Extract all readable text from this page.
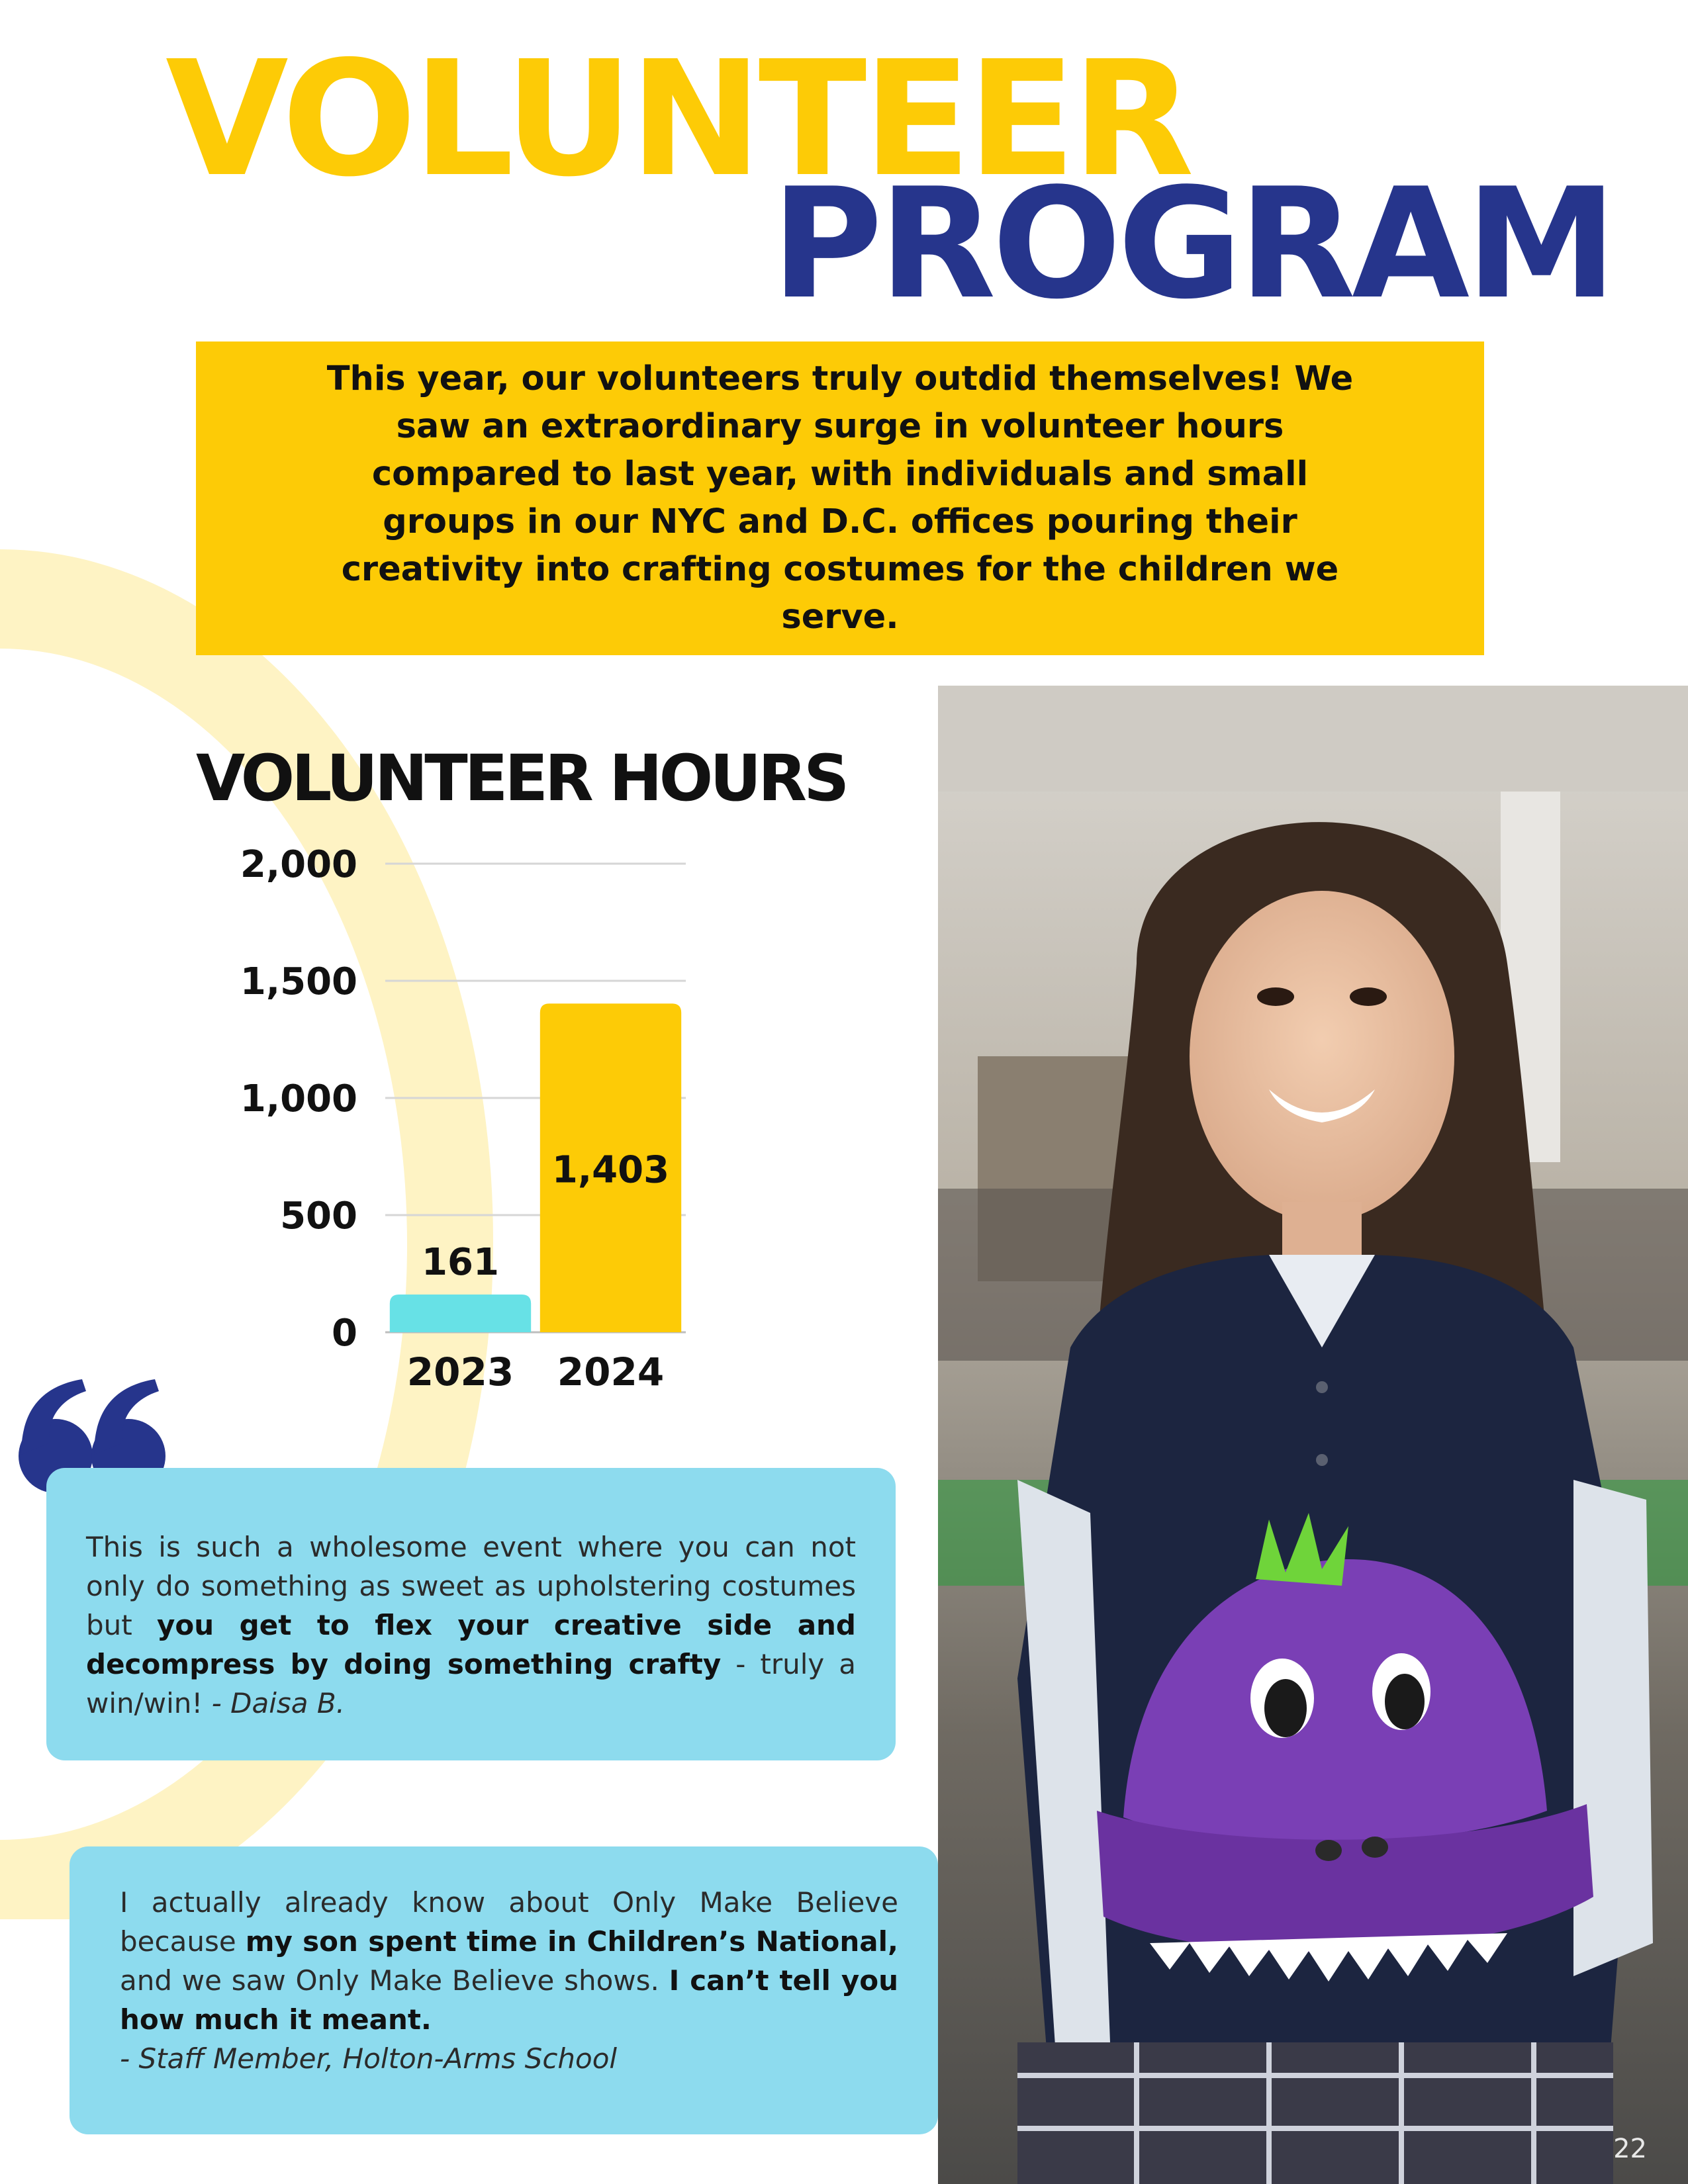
VOLUNTEER
PROGRAM

This year, our volunteers truly outdid themselves! We saw an extraordinary surge in volunteer hours compared to last year, with individuals and small groups in our NYC and D.C. offices pouring their creativity into crafting costumes for the children we serve.

VOLUNTEER HOURS
0
500
1,000
1,500
2,000
161
2023
1,403
2024
22

This is such a wholesome event where you can not only do something as sweet as upholstering costumes but you get to flex your creative side and decompress by doing something crafty - truly a win/win! - Daisa B.

I actually already know about Only Make Believe because my son spent time in Children’s National, and we saw Only Make Believe shows. I can’t tell you how much it meant.
- Staff Member, Holton-Arms School
